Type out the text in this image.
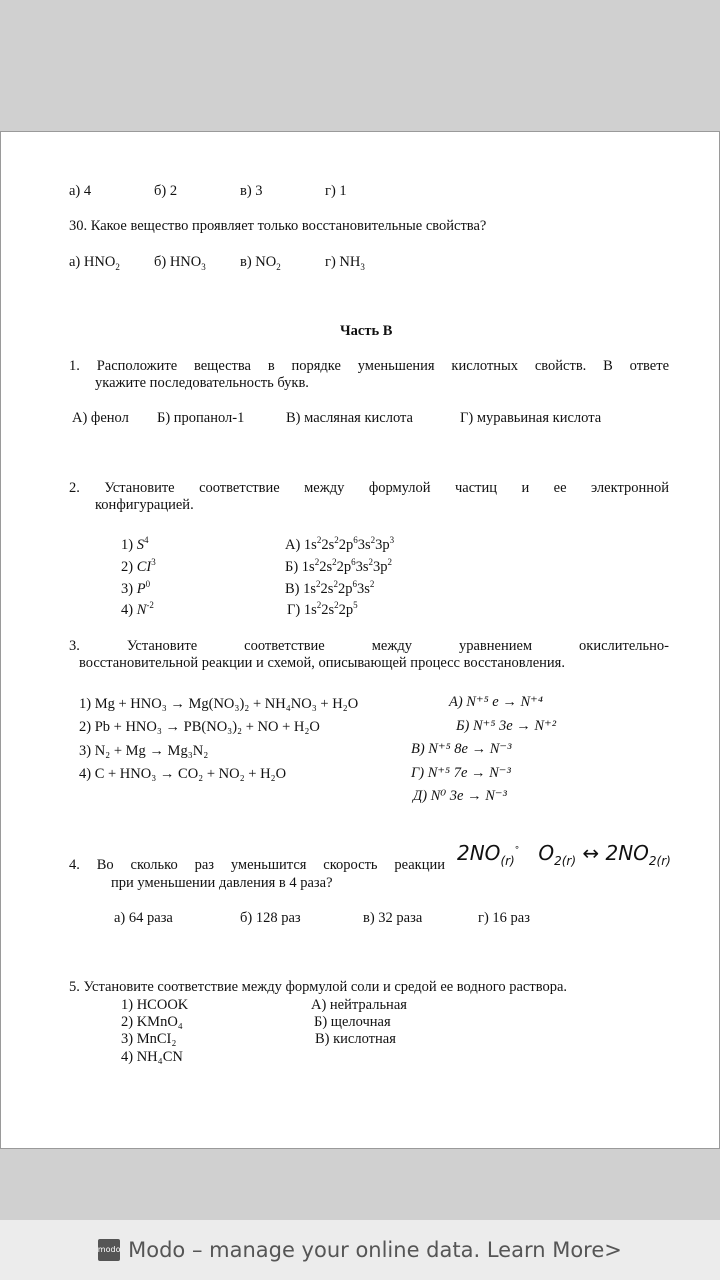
а) 4	б) 2	в) 3	г) 1
30. Какое вещество проявляет только восстановительные свойства?
а) $HNO_2$ б) $HNO_3$ в) $NO_2$	г) $NH_3$
Часть В
1. Расположите вещества в порядке уменьшения кислотных свойств. В ответе
укажите последовательность букв.
А) фенол Б) пропанол-1	В) масляная кислота	Г) муравьиная кислота
2. Установите соответствие между формулой частиц и ее электронной
конфигурацией.
1) $S^4$
2) $CI^3$
3) $P^0$
4) $N^{-2}$
А) $1s^22s^22p^63s^23p^3$
Б) $1s^22s^22p^63s^23p^2$
В) $1s^22s^22p^63s^2$
Г) $1s^22s^22p^5$
3. Установите соответствие между уравнением окислительно-
восстановительной реакции и схемой, описывающей процесс восстановления.
1) Mg + HNO₃ → Mg(NO₃)₂ + NH₄NO₃ + H₂O
2) Pb + HNO₃ → PB(NO₃)₂ + NO + H₂O
3) N₂ + Mg → Mg₃N₂
4) C + HNO₃ → CO₂ + NO₂ + H₂O
А) N⁺⁵ e → N⁺⁴
Б) N⁺⁵ 3e → N⁺²
В) N⁺⁵ 8e → N⁻³
Г) N⁺⁵ 7e → N⁻³
Д) N⁰ 3e → N⁻³
4. Во сколько раз уменьшится скорость реакции
при уменьшении давления в 4 раза?
$2NO_{(r)}^\circ$ $O_{2(r)}$ ↔ $2NO_{2(r)}$
а) 64 раза	б) 128 раз	в) 32 раза	г) 16 раз
5. Установите соответствие между формулой соли и средой ее водного раствора.
1) HCOOK
2) KMnO₄
3) MnCI₂
4) NH₄CN
А) нейтральная
Б) щелочная
В) кислотная
modo Modo – manage your online data. Learn More>
